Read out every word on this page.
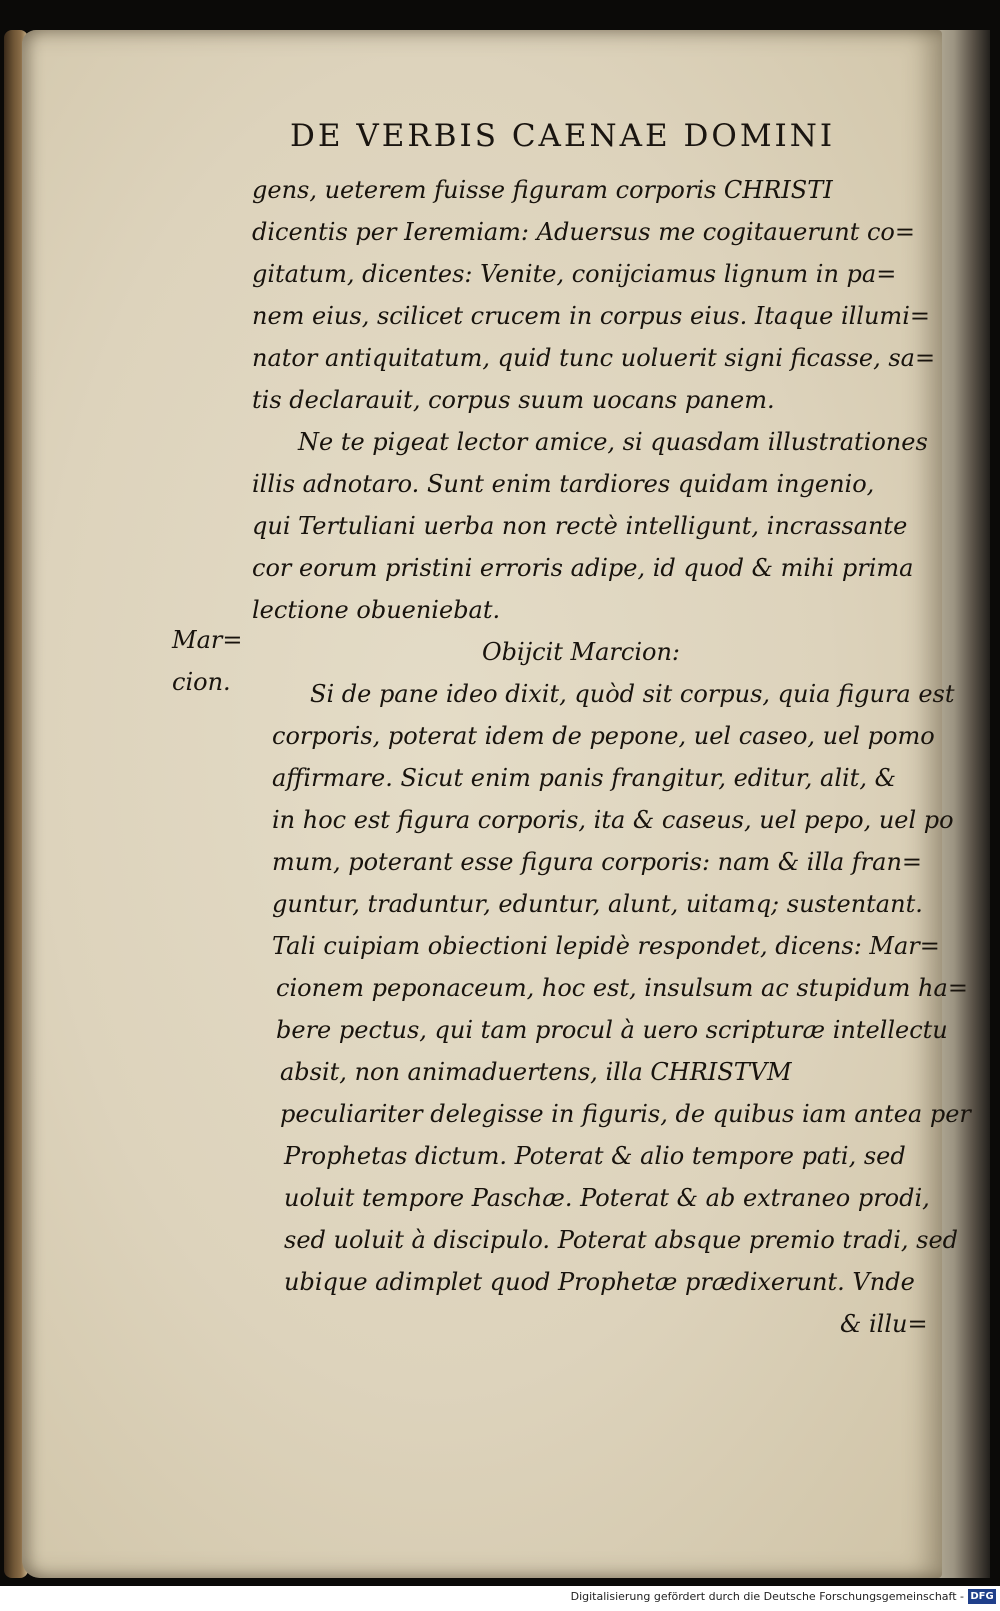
DE VERBIS CAENAE DOMINI
gens, ueterem fuisse figuram corporis CHRISTI
dicentis per Ieremiam: Aduersus me cogitauerunt co=
gitatum, dicentes: Venite, conijciamus lignum in pa=
nem eius, scilicet crucem in corpus eius. Itaque illumi=
nator antiquitatum, quid tunc uoluerit signi ficasse, sa=
tis declarauit, corpus suum uocans panem.
Ne te pigeat lector amice, si quasdam illustrationes
illis adnotaro. Sunt enim tardiores quidam ingenio,
qui Tertuliani uerba non rectè intelligunt, incrassante
cor eorum pristini erroris adipe, id quod & mihi prima
lectione obueniebat.
Obijcit Marcion:
Si de pane ideo dixit, quòd sit corpus, quia figura est
corporis, poterat idem de pepone, uel caseo, uel pomo
affirmare. Sicut enim panis frangitur, editur, alit, &
in hoc est figura corporis, ita & caseus, uel pepo, uel po
mum, poterant esse figura corporis: nam & illa fran=
guntur, traduntur, eduntur, alunt, uitamq; sustentant.
Tali cuipiam obiectioni lepidè respondet, dicens: Mar=
cionem peponaceum, hoc est, insulsum ac stupidum ha=
bere pectus, qui tam procul à uero scripturæ intellectu
absit, non animaduertens, illa CHRISTVM
peculiariter delegisse in figuris, de quibus iam antea per
Prophetas dictum. Poterat & alio tempore pati, sed
uoluit tempore Paschæ. Poterat & ab extraneo prodi,
sed uoluit à discipulo. Poterat absque premio tradi, sed
ubique adimplet quod Prophetæ prædixerunt. Vnde
& illu=
Mar=
cion.
Digitalisierung gefördert durch die Deutsche Forschungsgemeinschaft - DFG
